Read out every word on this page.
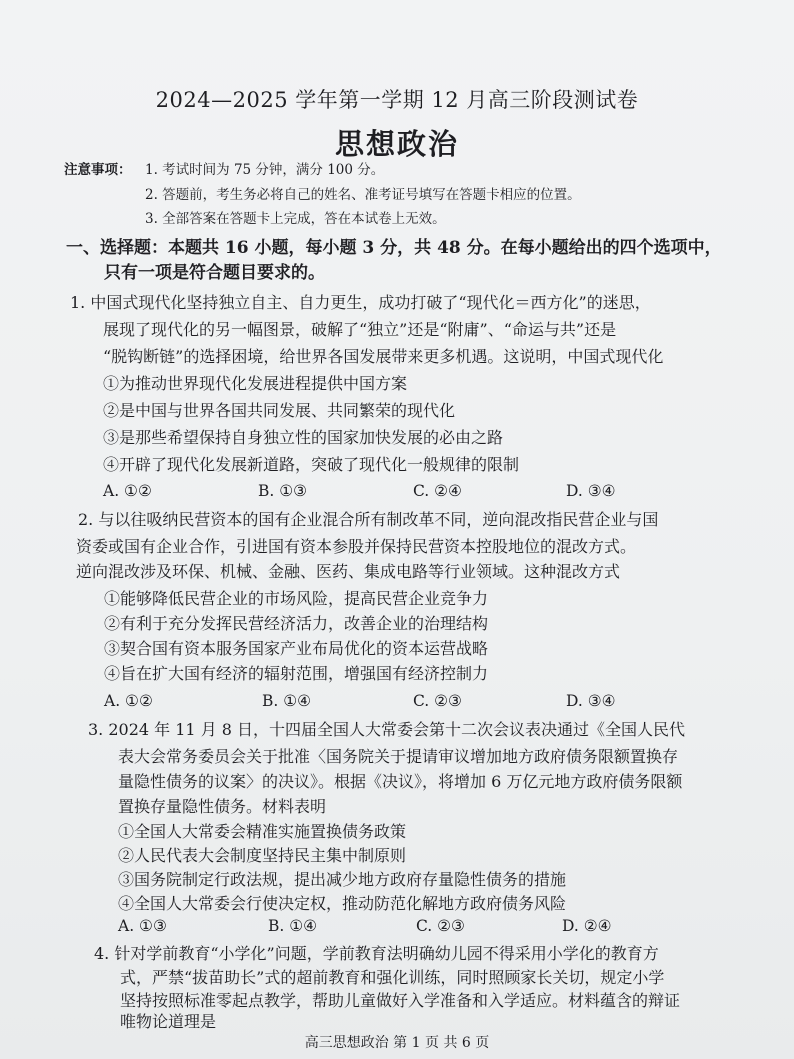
2024—2025 学年第一学期 12 月高三阶段测试卷
思想政治
注意事项： 1. 考试时间为 75 分钟，满分 100 分。
2. 答题前，考生务必将自己的姓名、准考证号填写在答题卡相应的位置。
3. 全部答案在答题卡上完成，答在本试卷上无效。
一、选择题：本题共 16 小题，每小题 3 分，共 48 分。在每小题给出的四个选项中，
只有一项是符合题目要求的。
1. 中国式现代化坚持独立自主、自力更生，成功打破了“现代化＝西方化”的迷思，
展现了现代化的另一幅图景，破解了“独立”还是“附庸”、“命运与共”还是
“脱钩断链”的选择困境，给世界各国发展带来更多机遇。这说明，中国式现代化
①为推动世界现代化发展进程提供中国方案
②是中国与世界各国共同发展、共同繁荣的现代化
③是那些希望保持自身独立性的国家加快发展的必由之路
④开辟了现代化发展新道路，突破了现代化一般规律的限制
A. ①②	B. ①③	C. ②④	D. ③④
2. 与以往吸纳民营资本的国有企业混合所有制改革不同，逆向混改指民营企业与国
资委或国有企业合作，引进国有资本参股并保持民营资本控股地位的混改方式。
逆向混改涉及环保、机械、金融、医药、集成电路等行业领域。这种混改方式
①能够降低民营企业的市场风险，提高民营企业竞争力
②有利于充分发挥民营经济活力，改善企业的治理结构
③契合国有资本服务国家产业布局优化的资本运营战略
④旨在扩大国有经济的辐射范围，增强国有经济控制力
A. ①②	B. ①④	C. ②③	D. ③④
3. 2024 年 11 月 8 日，十四届全国人大常委会第十二次会议表决通过《全国人民代
表大会常务委员会关于批准〈国务院关于提请审议增加地方政府债务限额置换存
量隐性债务的议案〉的决议》。根据《决议》，将增加 6 万亿元地方政府债务限额
置换存量隐性债务。材料表明
①全国人大常委会精准实施置换债务政策
②人民代表大会制度坚持民主集中制原则
③国务院制定行政法规，提出减少地方政府存量隐性债务的措施
④全国人大常委会行使决定权，推动防范化解地方政府债务风险
A. ①③	B. ①④	C. ②③	D. ②④
4. 针对学前教育“小学化”问题，学前教育法明确幼儿园不得采用小学化的教育方
式，严禁“拔苗助长”式的超前教育和强化训练，同时照顾家长关切，规定小学
坚持按照标准零起点教学，帮助儿童做好入学准备和入学适应。材料蕴含的辩证
唯物论道理是
高三思想政治 第 1 页 共 6 页
